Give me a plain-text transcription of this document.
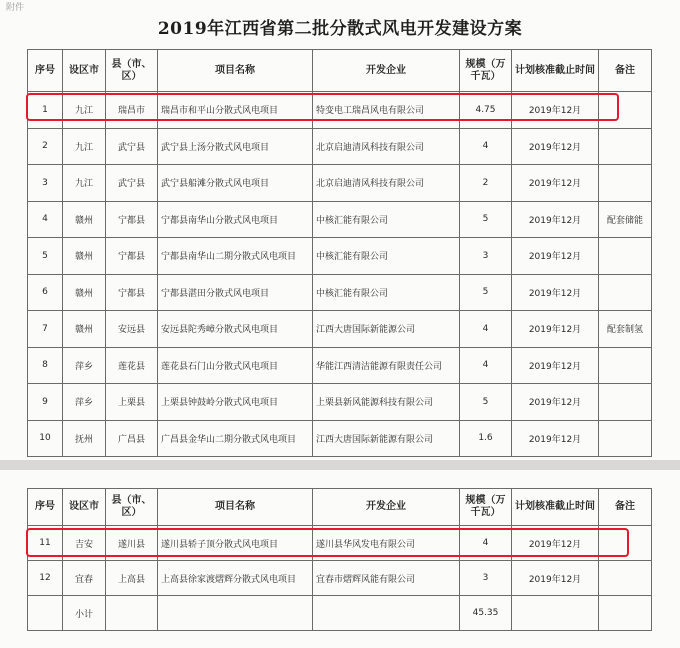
附件
2019年江西省第二批分散式风电开发建设方案
序号	设区市	县（市、区）	项目名称	开发企业	规模（万千瓦）	计划核准截止时间	备注
1	九江	瑞昌市	瑞昌市和平山分散式风电项目	特变电工瑞昌风电有限公司	4.75	2019年12月	
2	九江	武宁县	武宁县上汤分散式风电项目	北京启迪清风科技有限公司	4	2019年12月	
3	九江	武宁县	武宁县船滩分散式风电项目	北京启迪清风科技有限公司	2	2019年12月	
4	赣州	宁都县	宁都县南华山分散式风电项目	中核汇能有限公司	5	2019年12月	配套储能
5	赣州	宁都县	宁都县南华山二期分散式风电项目	中核汇能有限公司	3	2019年12月	
6	赣州	宁都县	宁都县湛田分散式风电项目	中核汇能有限公司	5	2019年12月	
7	赣州	安远县	安远县陀秀嶂分散式风电项目	江西大唐国际新能源公司	4	2019年12月	配套制氢
8	萍乡	莲花县	莲花县石门山分散式风电项目	华能江西清洁能源有限责任公司	4	2019年12月	
9	萍乡	上栗县	上栗县钟鼓岭分散式风电项目	上栗县新风能源科技有限公司	5	2019年12月	
10	抚州	广昌县	广昌县金华山二期分散式风电项目	江西大唐国际新能源有限公司	1.6	2019年12月	
序号	设区市	县（市、区）	项目名称	开发企业	规模（万千瓦）	计划核准截止时间	备注
11	吉安	遂川县	遂川县轿子顶分散式风电项目	遂川县华风发电有限公司	4	2019年12月	
12	宜春	上高县	上高县徐家渡熠辉分散式风电项目	宜春市熠辉风能有限公司	3	2019年12月	
	小计				45.35		
